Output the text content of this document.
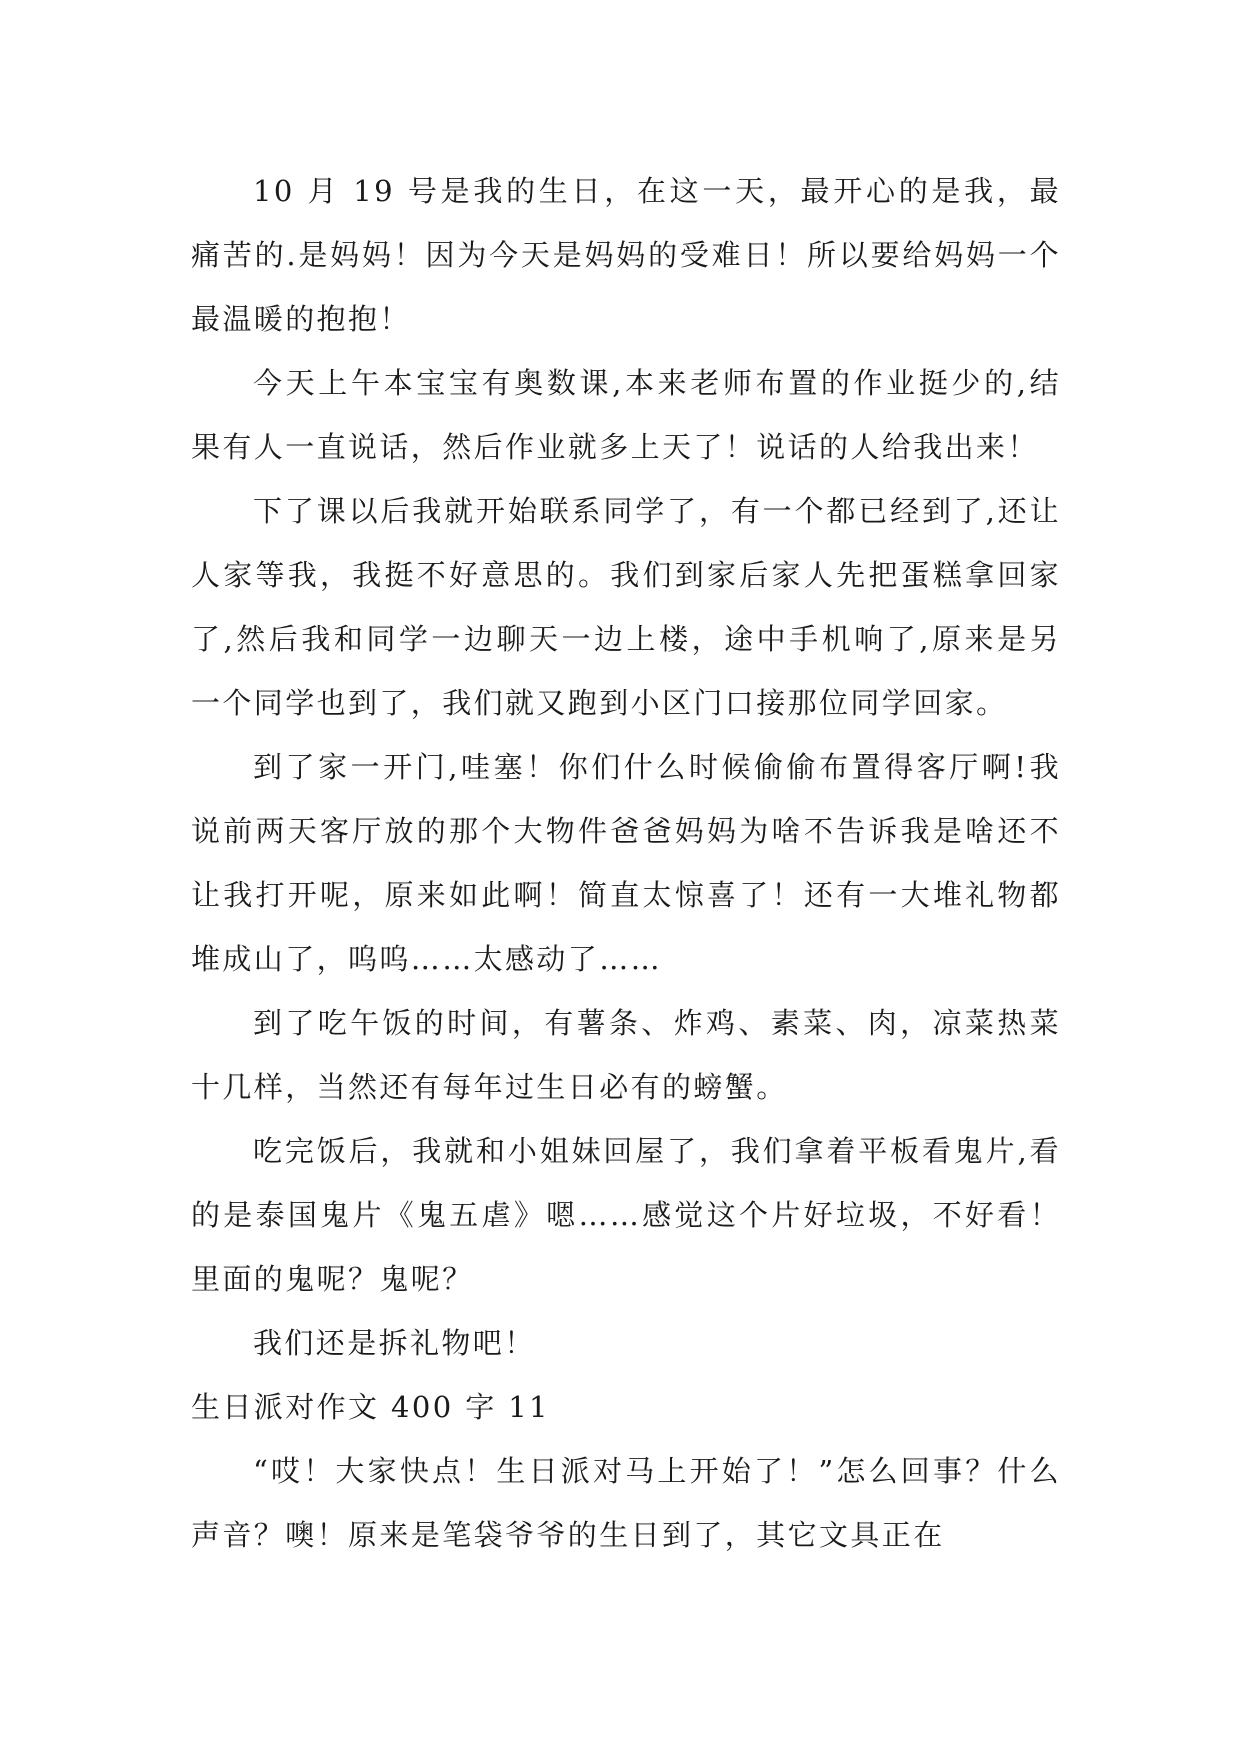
10 月 19 号是我的生日，在这一天，最开心的是我，最痛苦的.是妈妈！因为今天是妈妈的受难日！所以要给妈妈一个最温暖的抱抱！

今天上午本宝宝有奥数课,本来老师布置的作业挺少的,结果有人一直说话，然后作业就多上天了！说话的人给我出来！

下了课以后我就开始联系同学了，有一个都已经到了,还让人家等我，我挺不好意思的。我们到家后家人先把蛋糕拿回家了,然后我和同学一边聊天一边上楼，途中手机响了,原来是另一个同学也到了，我们就又跑到小区门口接那位同学回家。

到了家一开门,哇塞！你们什么时候偷偷布置得客厅啊!我说前两天客厅放的那个大物件爸爸妈妈为啥不告诉我是啥还不让我打开呢，原来如此啊！简直太惊喜了！还有一大堆礼物都堆成山了，呜呜……太感动了……

到了吃午饭的时间，有薯条、炸鸡、素菜、肉，凉菜热菜十几样，当然还有每年过生日必有的螃蟹。

吃完饭后，我就和小姐妹回屋了，我们拿着平板看鬼片,看的是泰国鬼片《鬼五虐》嗯……感觉这个片好垃圾，不好看！里面的鬼呢？鬼呢？

我们还是拆礼物吧！

生日派对作文 400 字 11

“哎！大家快点！生日派对马上开始了！”怎么回事？什么声音？噢！原来是笔袋爷爷的生日到了，其它文具正在
